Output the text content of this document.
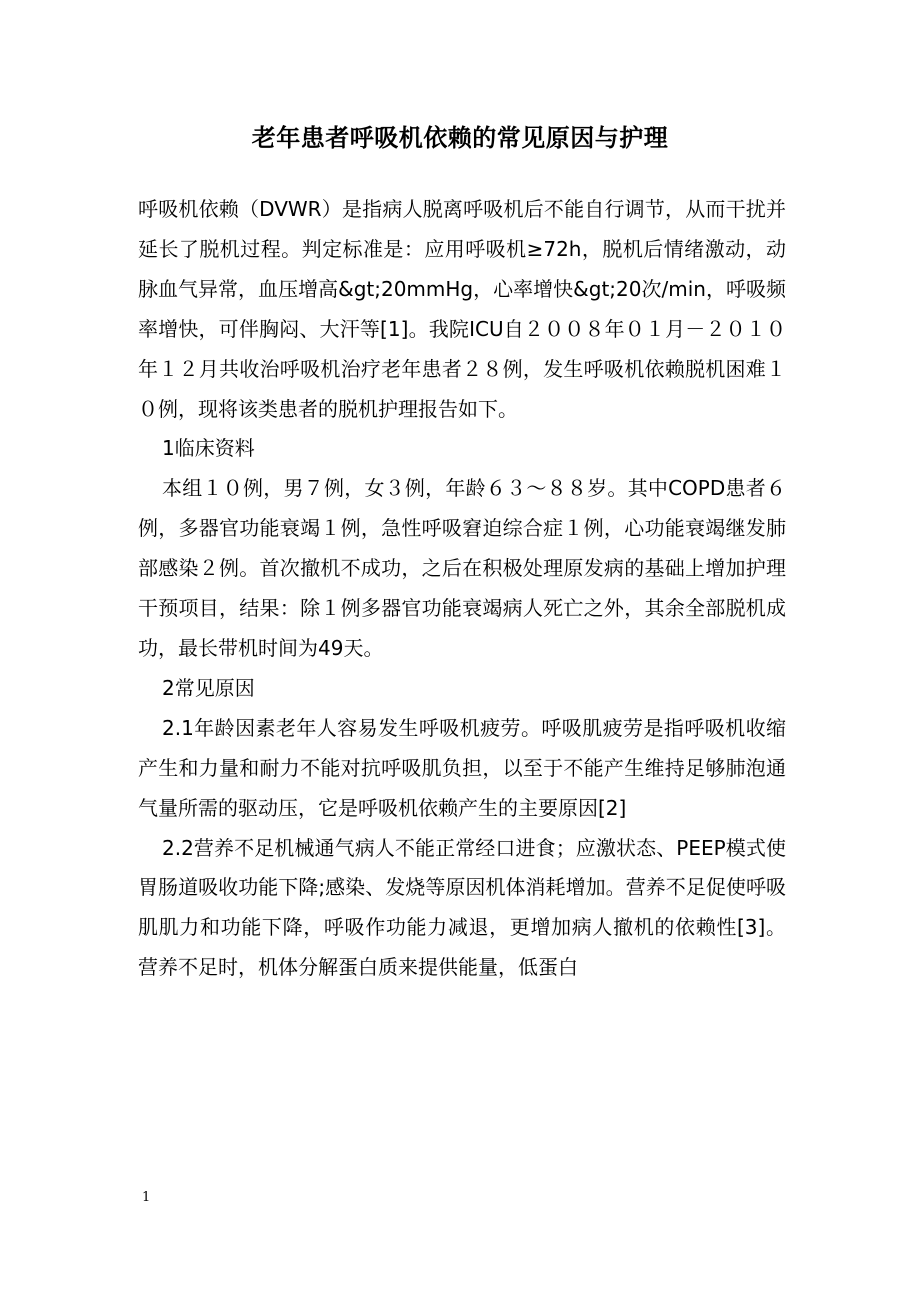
老年患者呼吸机依赖的常见原因与护理

呼吸机依赖（DVWR）是指病人脱离呼吸机后不能自行调节，从而干扰并延长了脱机过程。判定标准是：应用呼吸机≥72h，脱机后情绪激动，动脉血气异常，血压增高&gt;20mmHg，心率增快&gt;20次/min，呼吸频率增快，可伴胸闷、大汗等[1]。我院ICU自２００８年０１月－２０１０年１２月共收治呼吸机治疗老年患者２８例，发生呼吸机依赖脱机困难１０例，现将该类患者的脱机护理报告如下。

1临床资料

本组１０例，男７例，女３例，年龄６３～８８岁。其中COPD患者６例，多器官功能衰竭１例，急性呼吸窘迫综合症１例，心功能衰竭继发肺部感染２例。首次撤机不成功，之后在积极处理原发病的基础上增加护理干预项目，结果：除１例多器官功能衰竭病人死亡之外，其余全部脱机成功，最长带机时间为49天。

2常见原因

2.1年龄因素老年人容易发生呼吸机疲劳。呼吸肌疲劳是指呼吸机收缩产生和力量和耐力不能对抗呼吸肌负担，以至于不能产生维持足够肺泡通气量所需的驱动压，它是呼吸机依赖产生的主要原因[2]

2.2营养不足机械通气病人不能正常经口进食；应激状态、PEEP模式使胃肠道吸收功能下降;感染、发烧等原因机体消耗增加。营养不足促使呼吸肌肌力和功能下降，呼吸作功能力减退，更增加病人撤机的依赖性[3]。营养不足时，机体分解蛋白质来提供能量，低蛋白

1
